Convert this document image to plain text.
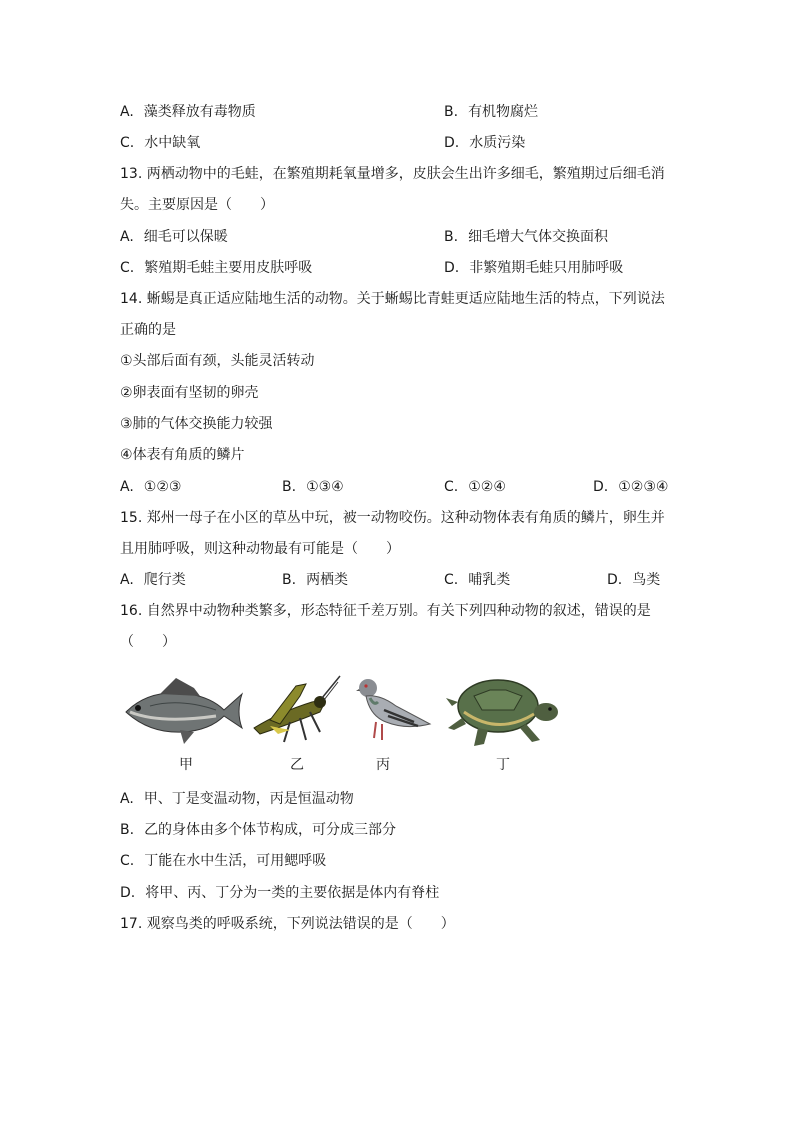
A. 藻类释放有毒物质	B. 有机物腐烂
C. 水中缺氧	D. 水质污染
13. 两栖动物中的毛蛙，在繁殖期耗氧量增多，皮肤会生出许多细毛，繁殖期过后细毛消
失。主要原因是（　　）
A. 细毛可以保暖	B. 细毛增大气体交换面积
C. 繁殖期毛蛙主要用皮肤呼吸	D. 非繁殖期毛蛙只用肺呼吸
14. 蜥蜴是真正适应陆地生活的动物。关于蜥蜴比青蛙更适应陆地生活的特点，下列说法
正确的是
①头部后面有颈，头能灵活转动
②卵表面有坚韧的卵壳
③肺的气体交换能力较强
④体表有角质的鳞片
A. ①②③	B. ①③④	C. ①②④	D. ①②③④
15. 郑州一母子在小区的草丛中玩，被一动物咬伤。这种动物体表有角质的鳞片，卵生并
且用肺呼吸，则这种动物最有可能是（　　）
A. 爬行类	B. 两栖类	C. 哺乳类	D. 鸟类
16. 自然界中动物种类繁多，形态特征千差万别。有关下列四种动物的叙述，错误的是
（　　）
甲	乙	丙	丁
A. 甲、丁是变温动物，丙是恒温动物
B. 乙的身体由多个体节构成，可分成三部分
C. 丁能在水中生活，可用鳃呼吸
D. 将甲、丙、丁分为一类的主要依据是体内有脊柱
17. 观察鸟类的呼吸系统，下列说法错误的是（　　）
